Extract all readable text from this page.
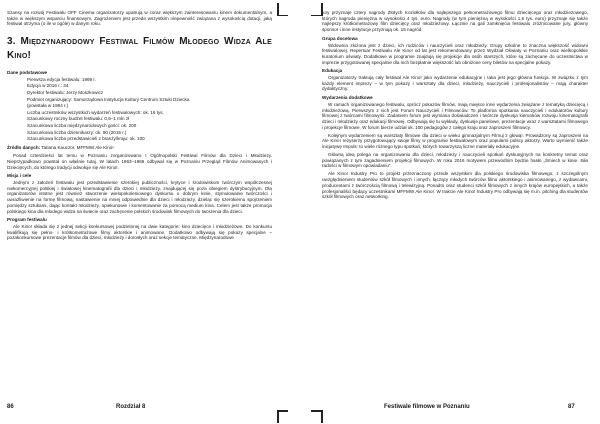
Szansy na rozwój Festiwalu OFF Cinema organizatorzy upatrują w coraz większym zainteresowaniu kinem dokumentalnym, a także w większym wsparciu finansowym. Zagrożeniem jest przede wszystkim niepewność związana z wysokością dotacji, jaką festiwal otrzyma (o ile w ogóle) w danym roku.

3. Międzynarodowy Festiwal Filmów Młodego Widza Ale Kino!
Dane podstawowe
Pierwsza edycja festiwalu: 1969 r.
Edycja w 2016 r.: 34.
Dyrektor festiwalu: Jerzy Moszkowicz
Podmiot organizujący: Samorządowa Instytucja Kultury Centrum Sztuki Dziecka
(powstała w 1984 r.)
Liczba uczestników wszystkich wydarzeń festiwalowych: ok. 16 tys.
Szacunkowy roczny budżet festiwalu: 0,5–1 mln zł
Szacunkowa liczba międzynarodowych gości: ok. 200
Szacunkowa liczba dziennikarzy: ok. 90 (2015 r.)
Szacunkowa liczba przedstawicieli z branży/kraju: ok. 100

Źródło danych: Tatiana Kauczor, MFFMW Ale Kino!

Ponad czterdzieści lat temu w Poznaniu zorganizowano I Ogólnopolski Festiwal Filmów dla Dzieci i Młodzieży. Nieprzypadkowo powstał on właśnie tutaj. W latach 1963–1966 odbywał się w Poznaniu Przegląd Filmów Animowanych i Dziecięcych, do którego tradycji odwołuje się Ale Kino!.

Misja i cele

Jednym z założeń festiwalu jest przedstawienie szerokiej publiczności, krytyce i środowiskom twórczym współczesnej niekomercyjnej polskiej i światowej kinematografii dla dzieci i młodzieży, znajdującej się poza obiegiem dystrybucyjnym. Dla organizatorów istotne jest również stworzenie wielopokoleniowego dyskursu o dobrym kinie, stymulowanie twórczości i uwrażliwienie na formę filmową; nastawienie na mniej odpowiednie dla dzieci i młodzieży, dzieląc się szerokiemu spojrzeniem pomiędzy sztukami, dając kontakt młodzieży, opiekunowie i komentowanie za pomocą medium kina. Celem jest także promocja polskiego kina dla młodego widza na świecie oraz zachęcenie polskich środowisk filmowych do tworzenia dla dzieci.

Program festiwalu

Ale Kino! składa się z jednej sekcji konkursowej podzielonej na dwie kategorie: kino dziecięce i młodzieżowe. Do konkursu kwalifikują się pełno- i krótkometrażowe filmy aktorskie i animowane. Dodatkowo odbywają się pokazy specjalne – pozakonkursowe prezentacje filmów dla dzieci, młodzieży i dorosłych oraz sekcje tematyczne. Międzynarodowe

86	Rozdział 8

jury przyznaje cztery nagrody Złotych Koziołków dla najlepszego pełnometrażowego filmu dziecięcego oraz młodzieżowego, których nagroda pieniężna w wysokości 4 tys. euro. Nagrody (w tym pieniężną w wysokości 1,5 tys. euro) przyznaje się także najlepszy krótkometrażowy film dziecięcy oraz młodzieżowy. Łącznie na gali zamknięcia festiwalu zróżnicowane jury, główny sponsor i inne instytucje przyznają ok. 15 nagród.

Grupa docelowa

Widownia złożona jest z dzieci, ich rodziców i nauczycieli oraz młodzieży. Grupy szkolne to znaczna większość widowni festiwalowej. Repertuar Festiwalu Ale Kino! od lat jest rekomendowany przez Wydział Oświaty w Poznaniu oraz wielkopolskie kuratorium oświaty. Dodatkowe w programie znajdują się projekcje dla osób starszych, które są zachęcane do uczestnictwa w imprezie przygotowanej specjalnie dla nich bezpłatnie większość lub obniżone ceny biletów na specjalne pokazy.

Edukacja

Organizatorzy traktują cały festiwal Ale Kino! jako wydarzenie edukacyjne i taka jest jego główna funkcja. W związku z tym każdy element imprezy – w tym pokazy i warsztaty dla dzieci, młodzieży, nauczycieli i profesjonalistów – mają charakter dydaktyczny.

Wydarzenia dodatkowe

W ramach organizowanego festiwalu, oprócz pokazów filmów, mają miejsce inne wydarzenia związane z tematyką dziecięcą i młodzieżową. Pierwszym z nich jest Forum Nauczycieli i Filmowców. To platforma spotkania nauczycieli i edukatorów kultury filmowej z twórcami filmowymi. Zadaniem forum jest wymiana doświadczeń i twórcze dyskusja kierunków rozwoju kinematografii dzieci i młodzieży oraz edukacji filmowej. Odbywają się tu wykłady, dyskusje panelowe, prezentacje wraz z warsztatami filmowego i projekcje filmowe. W forum bierze udział ok. 100 pedagogów z całego kraju oraz zaproszeni filmowcy.

Kolejnym wydarzeniem są warsztaty filmowe dla dzieci w wieku gimnazjalnym Filmuj z głową!. Prowadzony są zaproszeni na Ale Kino! reżyserzy przygotowujący swoje filmy w programie festiwalowym oraz popularni polscy aktorzy. Warto wymienić także inicjatywę Impuls: to wiele różnego typu spotkań, których towarzyszą liczne materiały edukacyjne.

Główną ideą polega na organizowaniu dla dzieci, młodzieży i nauczycieli spotkań dyskusyjnych na konkretny temat oraz powiązanych z tym zagadnieniem projekcji filmowych. W roku 2016 motywem przewodnim będzie hasło „Śmiech w kinie. Siła radości w filmowym opowiadaniu”.

Ale Kino! Industry Pro to projekt przeznaczony przede wszystkim dla polskiego środowiska filmowego, z szczególnym uwzględnieniem studentów szkół filmowych i innych, łączący młodych twórców filmu aktorskiego i animowanego, z wydawcami, producentami z twórczością filmową i telewizyjną. Ponadto oraz studenci szkół filmowych z innych krajów europejskich, a także profesjonaliści będący uczestnikami MFFMW Ale Kino!. W trakcie Ale Kino! Industry Pro odbywają się m.in. pitching dla studentów szkół filmowych oraz networking.

Festiwale filmowe w Poznaniu	87
